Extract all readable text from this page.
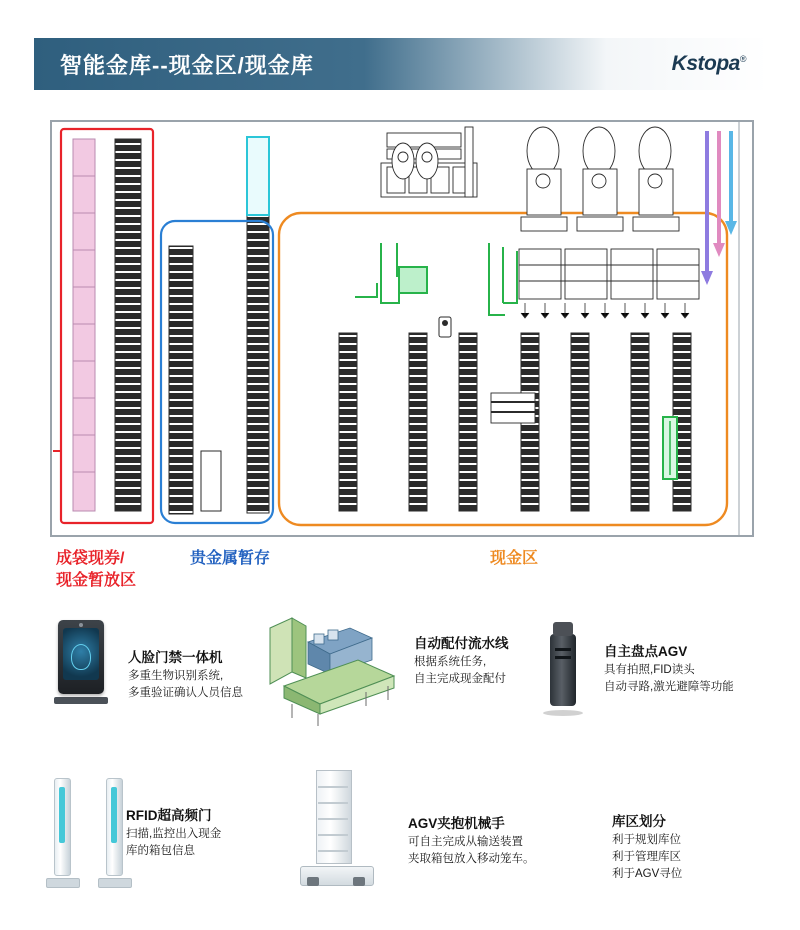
智能金库--现金区/现金库	Kstopa®
成袋现券/
现金暂放区
贵金属暂存	现金区
人脸门禁一体机
多重生物识别系统,
多重验证确认人员信息
自动配付流水线
根据系统任务,
自主完成现金配付
自主盘点AGV
具有拍照,FID读头
自动寻路,激光避障等功能
RFID超高频门
扫描,监控出入现金
库的箱包信息
AGV夹抱机械手
可自主完成从输送装置
夹取箱包放入移动笼车。
库区划分
利于规划库位
利于管理库区
利于AGV寻位
